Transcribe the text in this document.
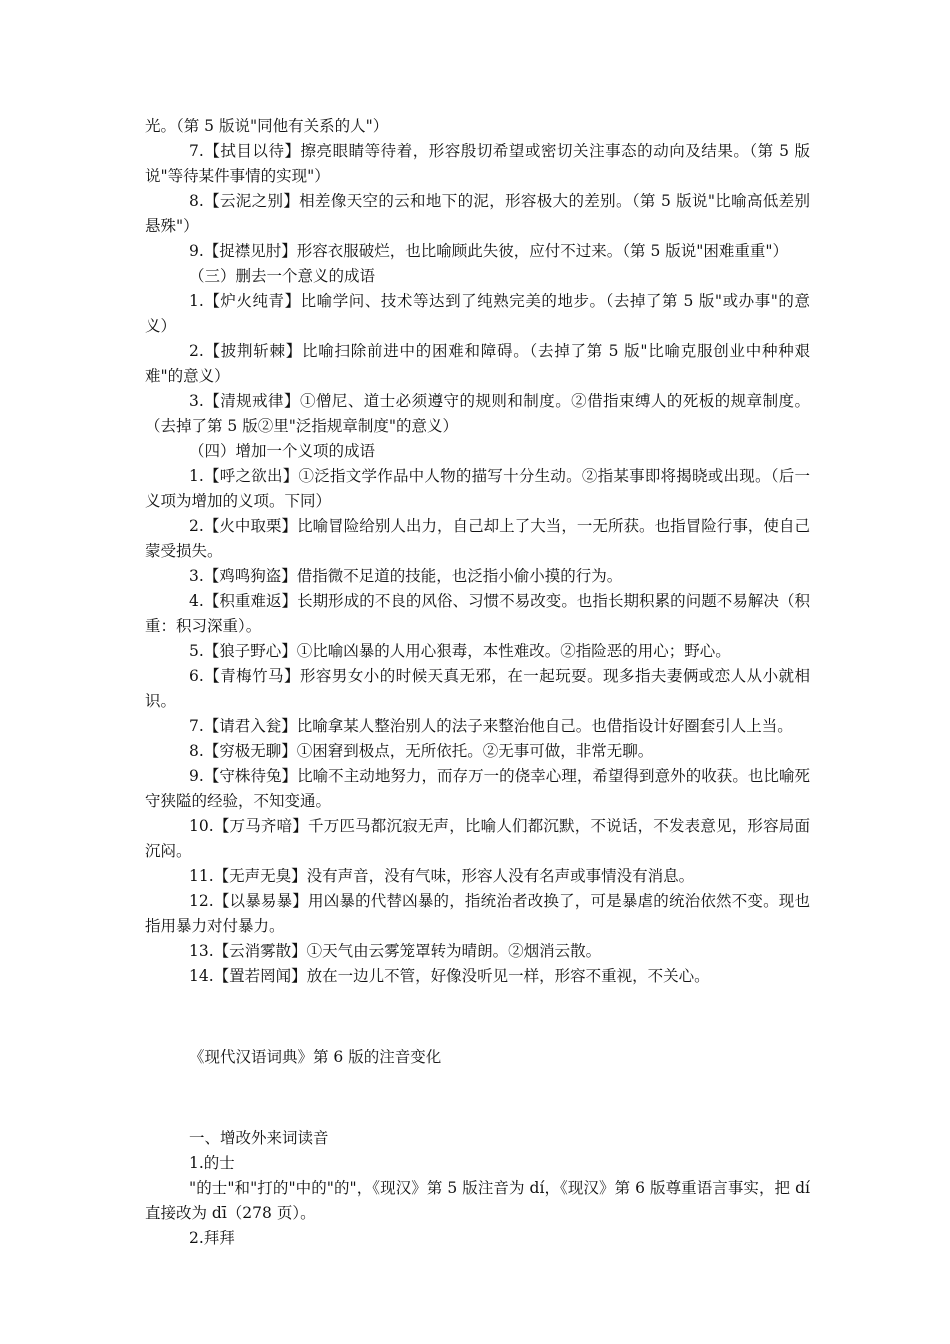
光。（第 5 版说"同他有关系的人"）

7.【拭目以待】擦亮眼睛等待着，形容殷切希望或密切关注事态的动向及结果。（第 5 版说"等待某件事情的实现"）

8.【云泥之别】相差像天空的云和地下的泥，形容极大的差别。（第 5 版说"比喻高低差别悬殊"）

9.【捉襟见肘】形容衣服破烂，也比喻顾此失彼，应付不过来。（第 5 版说"困难重重"）

（三）删去一个意义的成语

1.【炉火纯青】比喻学问、技术等达到了纯熟完美的地步。（去掉了第 5 版"或办事"的意义）

2.【披荆斩棘】比喻扫除前进中的困难和障碍。（去掉了第 5 版"比喻克服创业中种种艰难"的意义）

3.【清规戒律】①僧尼、道士必须遵守的规则和制度。②借指束缚人的死板的规章制度。（去掉了第 5 版②里"泛指规章制度"的意义）

（四）增加一个义项的成语

1.【呼之欲出】①泛指文学作品中人物的描写十分生动。②指某事即将揭晓或出现。（后一义项为增加的义项。下同）

2.【火中取栗】比喻冒险给别人出力，自己却上了大当，一无所获。也指冒险行事，使自己蒙受损失。

3.【鸡鸣狗盗】借指微不足道的技能，也泛指小偷小摸的行为。

4.【积重难返】长期形成的不良的风俗、习惯不易改变。也指长期积累的问题不易解决（积重：积习深重）。

5.【狼子野心】①比喻凶暴的人用心狠毒，本性难改。②指险恶的用心；野心。

6.【青梅竹马】形容男女小的时候天真无邪，在一起玩耍。现多指夫妻俩或恋人从小就相识。

7.【请君入瓮】比喻拿某人整治别人的法子来整治他自己。也借指设计好圈套引人上当。

8.【穷极无聊】①困窘到极点，无所依托。②无事可做，非常无聊。

9.【守株待兔】比喻不主动地努力，而存万一的侥幸心理，希望得到意外的收获。也比喻死守狭隘的经验，不知变通。

10.【万马齐喑】千万匹马都沉寂无声，比喻人们都沉默，不说话，不发表意见，形容局面沉闷。

11.【无声无臭】没有声音，没有气味，形容人没有名声或事情没有消息。

12.【以暴易暴】用凶暴的代替凶暴的，指统治者改换了，可是暴虐的统治依然不变。现也指用暴力对付暴力。

13.【云消雾散】①天气由云雾笼罩转为晴朗。②烟消云散。

14.【置若罔闻】放在一边儿不管，好像没听见一样，形容不重视，不关心。

《现代汉语词典》第 6 版的注音变化

一、增改外来词读音

1.的士

"的士"和"打的"中的"的"，《现汉》第 5 版注音为 dí，《现汉》第 6 版尊重语言事实，把 dí 直接改为 dī（278 页）。

2.拜拜
